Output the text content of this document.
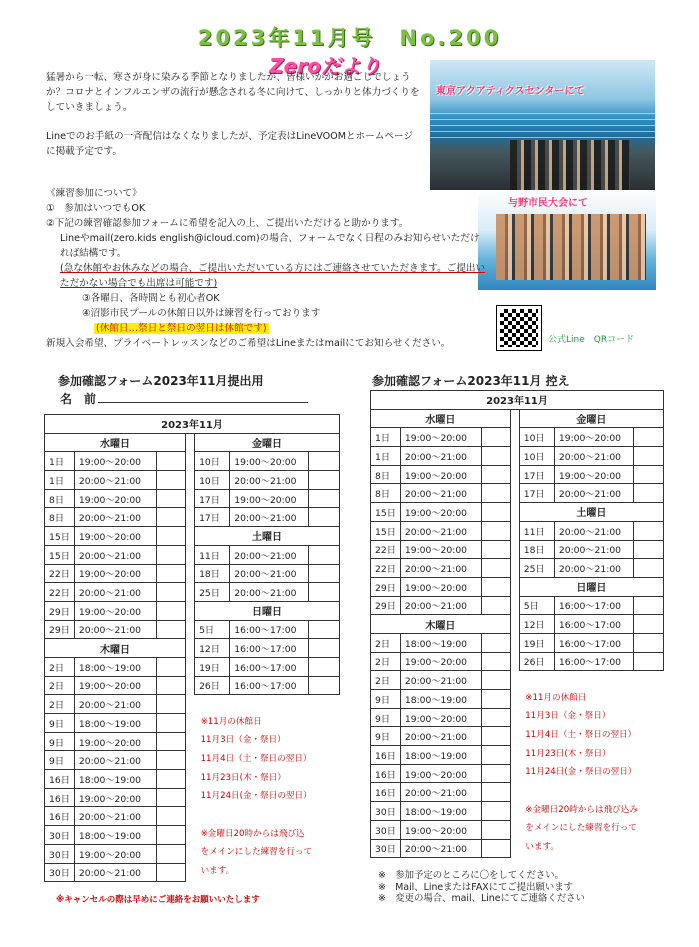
2023年11月号　No.200
Zeroだより

猛暑から一転、寒さが身に染みる季節となりましたが、皆様いかがお過ごしでしょうか？コロナとインフルエンザの流行が懸念される冬に向けて、しっかりと体力づくりをしていきましょう。

Lineでのお手紙の一斉配信はなくなりましたが、予定表はLineVOOMとホームページに掲載予定です。

東京アクアティクスセンターにて
与野市民大会にて
《練習参加について》
①　参加はいつでもOK
②下記の練習確認参加フォームに希望を記入の上、ご提出いただけると助かります。
Lineやmail(zero.kids english@icloud.com)の場合、フォームでなく日程のみお知らせいただければ結構です。
(急な休館やお休みなどの場合、ご提出いただいている方にはご連絡させていただきます。ご提出いただかない場合でも出席は可能です)
③各曜日、各時間とも初心者OK
④沼影市民プールの休館日以外は練習を行っております
(休館日…祭日と祭日の翌日は休館です)
新規入会希望、プライベートレッスンなどのご希望はLineまたはmailにてお知らせください。	公式Line　QRコード
参加確認フォーム2023年11月提出用
名　前
2023年11月						
水曜日				金曜日		
1日	19:00〜20:00			10日	19:00〜20:00	
1日	20:00〜21:00			10日	20:00〜21:00	
8日	19:00〜20:00			17日	19:00〜20:00	
8日	20:00〜21:00			17日	20:00〜21:00	
15日	19:00〜20:00			土曜日		
15日	20:00〜21:00			11日	20:00〜21:00	
22日	19:00〜20:00			18日	20:00〜21:00	
22日	20:00〜21:00			25日	20:00〜21:00	
29日	19:00〜20:00			日曜日		
29日	20:00〜21:00			5日	16:00〜17:00	
木曜日				12日	16:00〜17:00	
2日	18:00〜19:00			19日	16:00〜17:00	
2日	19:00〜20:00			26日	16:00〜17:00	
2日	20:00〜21:00					
9日	18:00〜19:00			※11月の休館日		
9日	19:00〜20:00			11月3日（金・祭日）		
9日	20:00〜21:00			11月4日（土・祭日の翌日）		
16日	18:00〜19:00			11月23日(木・祭日）		
16日	19:00〜20:00			11月24日(金・祭日の翌日）		
16日	20:00〜21:00					
30日	18:00〜19:00			※金曜日20時からは飛び込		
30日	19:00〜20:00			をメインにした練習を行って		
30日	20:00〜21:00			います。		
※キャンセルの際は早めにご連絡をお願いいたします
参加確認フォーム2023年11月 控え
2023年11月						
水曜日				金曜日		
1日	19:00〜20:00			10日	19:00〜20:00	
1日	20:00〜21:00			10日	20:00〜21:00	
8日	19:00〜20:00			17日	19:00〜20:00	
8日	20:00〜21:00			17日	20:00〜21:00	
15日	19:00〜20:00			土曜日		
15日	20:00〜21:00			11日	20:00〜21:00	
22日	19:00〜20:00			18日	20:00〜21:00	
22日	20:00〜21:00			25日	20:00〜21:00	
29日	19:00〜20:00			日曜日		
29日	20:00〜21:00			5日	16:00〜17:00	
木曜日				12日	16:00〜17:00	
2日	18:00〜19:00			19日	16:00〜17:00	
2日	19:00〜20:00			26日	16:00〜17:00	
2日	20:00〜21:00					
9日	18:00〜19:00			※11月の休館日		
9日	19:00〜20:00			11月3日（金・祭日）		
9日	20:00〜21:00			11月4日（土・祭日の翌日）		
16日	18:00〜19:00			11月23日(木・祭日）		
16日	19:00〜20:00			11月24日(金・祭日の翌日）		
16日	20:00〜21:00					
30日	18:00〜19:00			※金曜日20時からは飛び込み		
30日	19:00〜20:00			をメインにした練習を行って		
30日	20:00〜21:00			います。		
※　参加予定のところに〇をしてください。
※　Mail、LineまたはFAXにてご提出願います
※　変更の場合、mail、Lineにてご連絡ください
